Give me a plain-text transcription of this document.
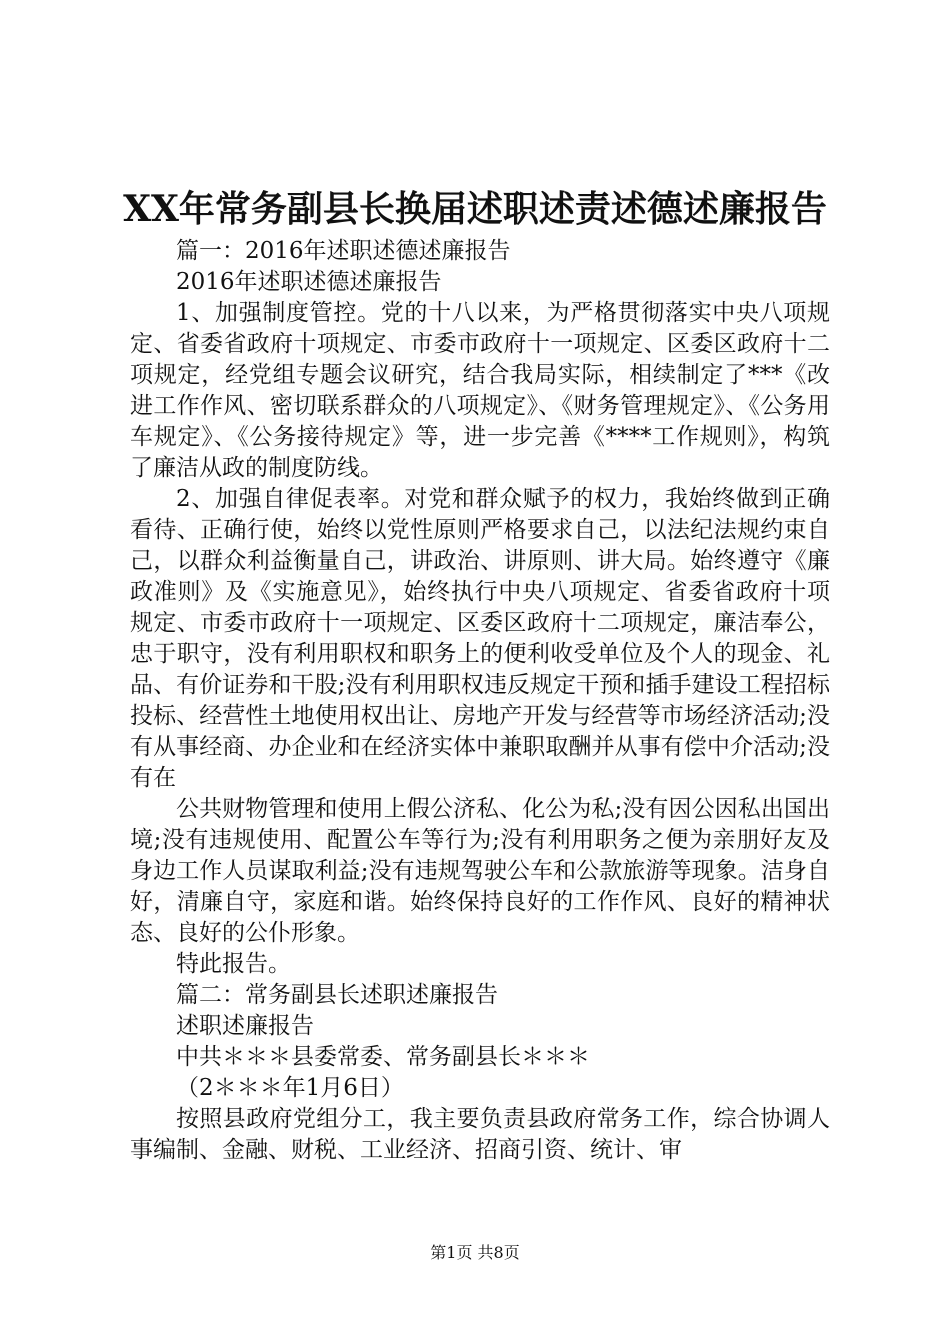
XX年常务副县长换届述职述责述德述廉报告

篇一：2016年述职述德述廉报告

2016年述职述德述廉报告

1、加强制度管控。党的十八以来，为严格贯彻落实中央八项规定、省委省政府十项规定、市委市政府十一项规定、区委区政府十二项规定，经党组专题会议研究，结合我局实际，相续制定了***《改进工作作风、密切联系群众的八项规定》、《财务管理规定》、《公务用车规定》、《公务接待规定》等，进一步完善《****工作规则》，构筑了廉洁从政的制度防线。

2、加强自律促表率。对党和群众赋予的权力，我始终做到正确看待、正确行使，始终以党性原则严格要求自己，以法纪法规约束自己，以群众利益衡量自己，讲政治、讲原则、讲大局。始终遵守《廉政准则》及《实施意见》，始终执行中央八项规定、省委省政府十项规定、市委市政府十一项规定、区委区政府十二项规定，廉洁奉公，忠于职守，没有利用职权和职务上的便利收受单位及个人的现金、礼品、有价证券和干股;没有利用职权违反规定干预和插手建设工程招标投标、经营性土地使用权出让、房地产开发与经营等市场经济活动;没有从事经商、办企业和在经济实体中兼职取酬并从事有偿中介活动;没有在

公共财物管理和使用上假公济私、化公为私;没有因公因私出国出境;没有违规使用、配置公车等行为;没有利用职务之便为亲朋好友及身边工作人员谋取利益;没有违规驾驶公车和公款旅游等现象。洁身自好，清廉自守，家庭和谐。始终保持良好的工作作风、良好的精神状态、良好的公仆形象。

特此报告。

篇二：常务副县长述职述廉报告

述职述廉报告

中共＊＊＊县委常委、常务副县长＊＊＊

（2＊＊＊年1月6日）

按照县政府党组分工，我主要负责县政府常务工作，综合协调人事编制、金融、财税、工业经济、招商引资、统计、审

第1页 共8页
